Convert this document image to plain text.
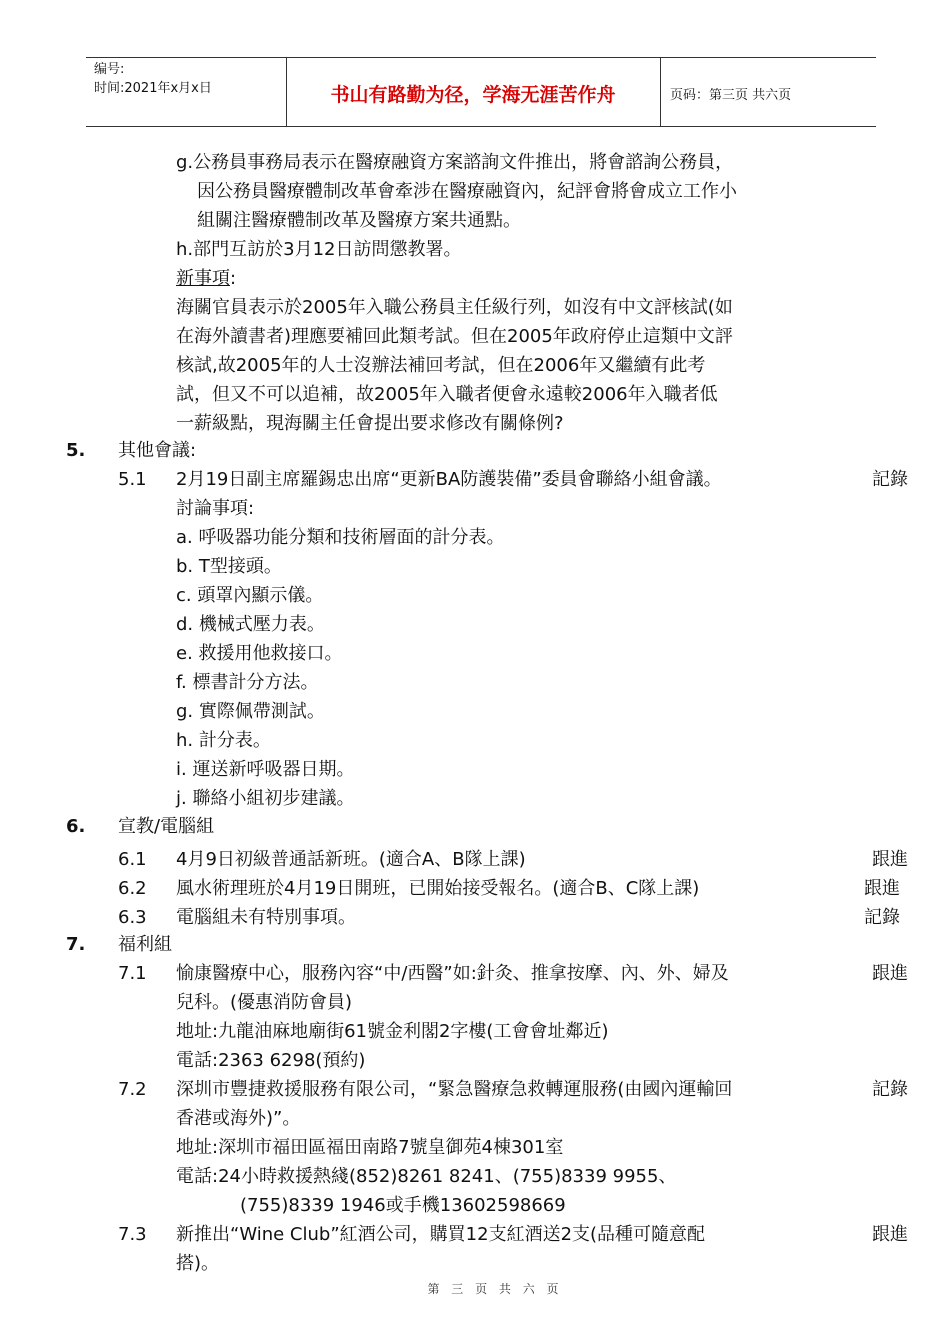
编号:
时间:2021年x月x日	书山有路勤为径，学海无涯苦作舟	页码：第三页 共六页
g.公務員事務局表示在醫療融資方案諮詢文件推出，將會諮詢公務員，
因公務員醫療體制改革會牽涉在醫療融資內，紀評會將會成立工作小
組關注醫療體制改革及醫療方案共通點。
h.部門互訪於3月12日訪問懲教署。
新事項:
海關官員表示於2005年入職公務員主任級行列，如沒有中文評核試(如
在海外讀書者)理應要補回此類考試。但在2005年政府停止這類中文評
核試,故2005年的人士沒辦法補回考試，但在2006年又繼續有此考
試，但又不可以追補，故2005年入職者便會永遠較2006年入職者低
一薪級點，現海關主任會提出要求修改有關條例?
5. 其他會議:
5.1 2月19日副主席羅錫忠出席“更新BA防護裝備”委員會聯絡小組會議。	記錄
討論事項:
a. 呼吸器功能分類和技術層面的計分表。
b. T型接頭。
c. 頭罩內顯示儀。
d. 機械式壓力表。
e. 救援用他救接口。
f. 標書計分方法。
g. 實際佩帶測試。
h. 計分表。
i. 運送新呼吸器日期。
j. 聯絡小組初步建議。
6. 宣教/電腦組
6.1 4月9日初級普通話新班。(適合A、B隊上課)	跟進
6.2 風水術理班於4月19日開班，已開始接受報名。(適合B、C隊上課)	跟進
6.3 電腦組未有特別事項。	記錄
7. 福利組
7.1 愉康醫療中心，服務內容“中/西醫”如:針灸、推拿按摩、內、外、婦及	跟進
兒科。(優惠消防會員)
地址:九龍油麻地廟街61號金利閣2字樓(工會會址鄰近)
電話:2363 6298(預約)
7.2 深圳市豐捷救援服務有限公司，“緊急醫療急救轉運服務(由國內運輸回	記錄
香港或海外)”。
地址:深圳市福田區福田南路7號皇御苑4棟301室
電話:24小時救援熱綫(852)8261 8241、(755)8339 9955、
(755)8339 1946或手機13602598669
7.3 新推出“Wine Club”紅酒公司，購買12支紅酒送2支(品種可隨意配	跟進
搭)。
第 三 页 共 六 页
